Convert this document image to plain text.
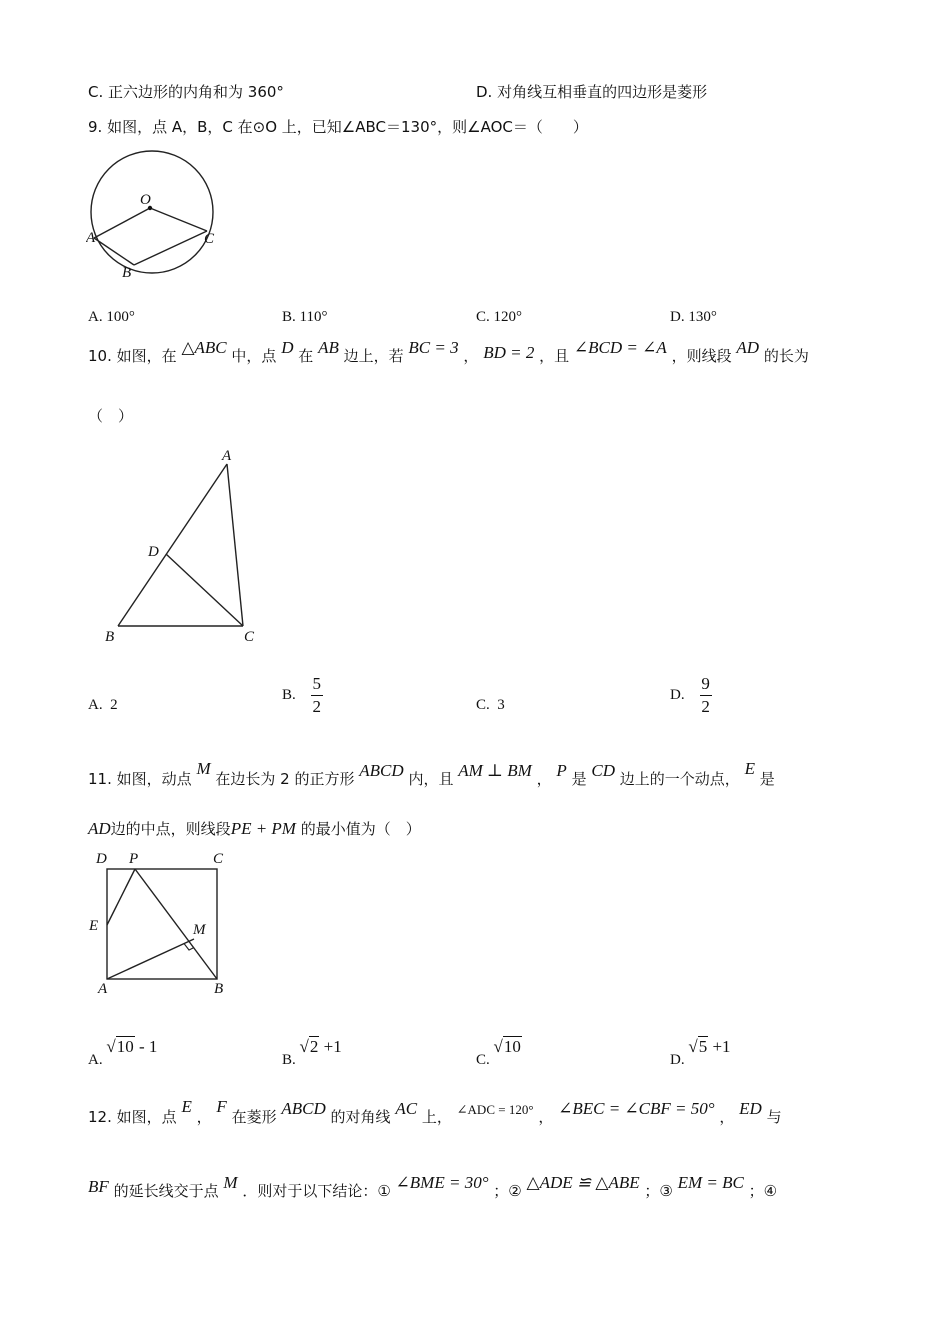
C. 正六边形的内角和为 360°	D. 对角线互相垂直的四边形是菱形
9. 如图，点 A，B，C 在⊙O 上，已知∠ABC＝130°，则∠AOC＝（　　）
O
A
B
C
A. 100°	B. 110°	C. 120°	D. 130°
10. 如图，在 △ABC 中，点 D 在 AB 边上，若 BC = 3 ， BD = 2 ，且 ∠BCD = ∠A ，则线段 AD 的长为
（　）
A
D
B	C
A. 2
B.
$\frac{5}{2}$	C. 3
D.
$\frac{9}{2}$
11. 如图，动点 M 在边长为 2 的正方形 ABCD 内，且 AM ⊥ BM ， P 是 CD 边上的一个动点， E 是
AD边的中点，则线段PE + PM 的最小值为（　）
D P	C
E	M
A	B
A. √10 - 1
B. √2 +1
C. √10
D. √5 +1
12. 如图，点 E ， F 在菱形 ABCD 的对角线 AC 上， ∠ADC = 120° ， ∠BEC = ∠CBF = 50° ， ED 与
BF 的延长线交于点 M ．则对于以下结论：① ∠BME = 30° ；② △ADE ≌ △ABE ；③ EM = BC ；④
